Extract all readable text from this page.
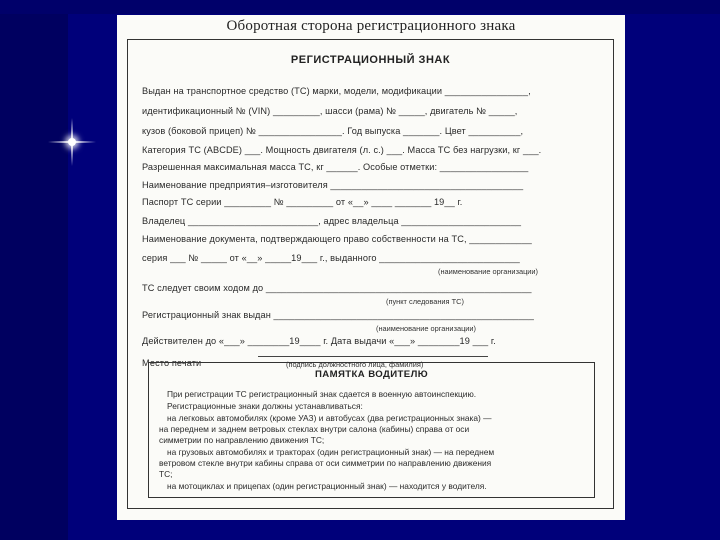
Оборотная сторона регистрационного знака
РЕГИСТРАЦИОННЫЙ ЗНАК
Выдан на транспортное средство (ТС) марки, модели, модификации ________________,
идентификационный № (VIN) _________, шасси (рама) № _____, двигатель № _____,
кузов (боковой прицеп) № ________________. Год выпуска _______. Цвет __________,
Категория ТС (ABCDE) ___. Мощность двигателя (л. с.) ___. Масса ТС без нагрузки, кг ___.
Разрешенная максимальная масса ТС, кг ______. Особые отметки: _________________
Наименование предприятия–изготовителя _____________________________________
Паспорт ТС серии _________ № _________ от «__» ____ _______ 19__ г.
Владелец _________________________, адрес владельца _______________________
Наименование документа, подтверждающего право собственности на ТС, ____________
серия ___ № _____ от «__» _____19___ г., выданного ___________________________
(наименование организации)
ТС следует своим ходом до ___________________________________________________
(пункт следования ТС)
Регистрационный знак выдан __________________________________________________
(наименование организации)
Действителен до «___» ________19____ г. Дата выдачи «___» ________19 ___ г.
Место печати	(подпись должностного лица, фамилия)
ПАМЯТКА ВОДИТЕЛЮ
При регистрации ТС регистрационный знак сдается в военную автоинспекцию.
Регистрационные знаки должны устанавливаться:
на легковых автомобилях (кроме УАЗ) и автобусах (два регистрационных знака) —
на переднем и заднем ветровых стеклах внутри салона (кабины) справа от оси
симметрии по направлению движения ТС;
на грузовых автомобилях и тракторах (один регистрационный знак) — на переднем
ветровом стекле внутри кабины справа от оси симметрии по направлению движения
ТС;
на мотоциклах и прицепах (один регистрационный знак) — находится у водителя.
